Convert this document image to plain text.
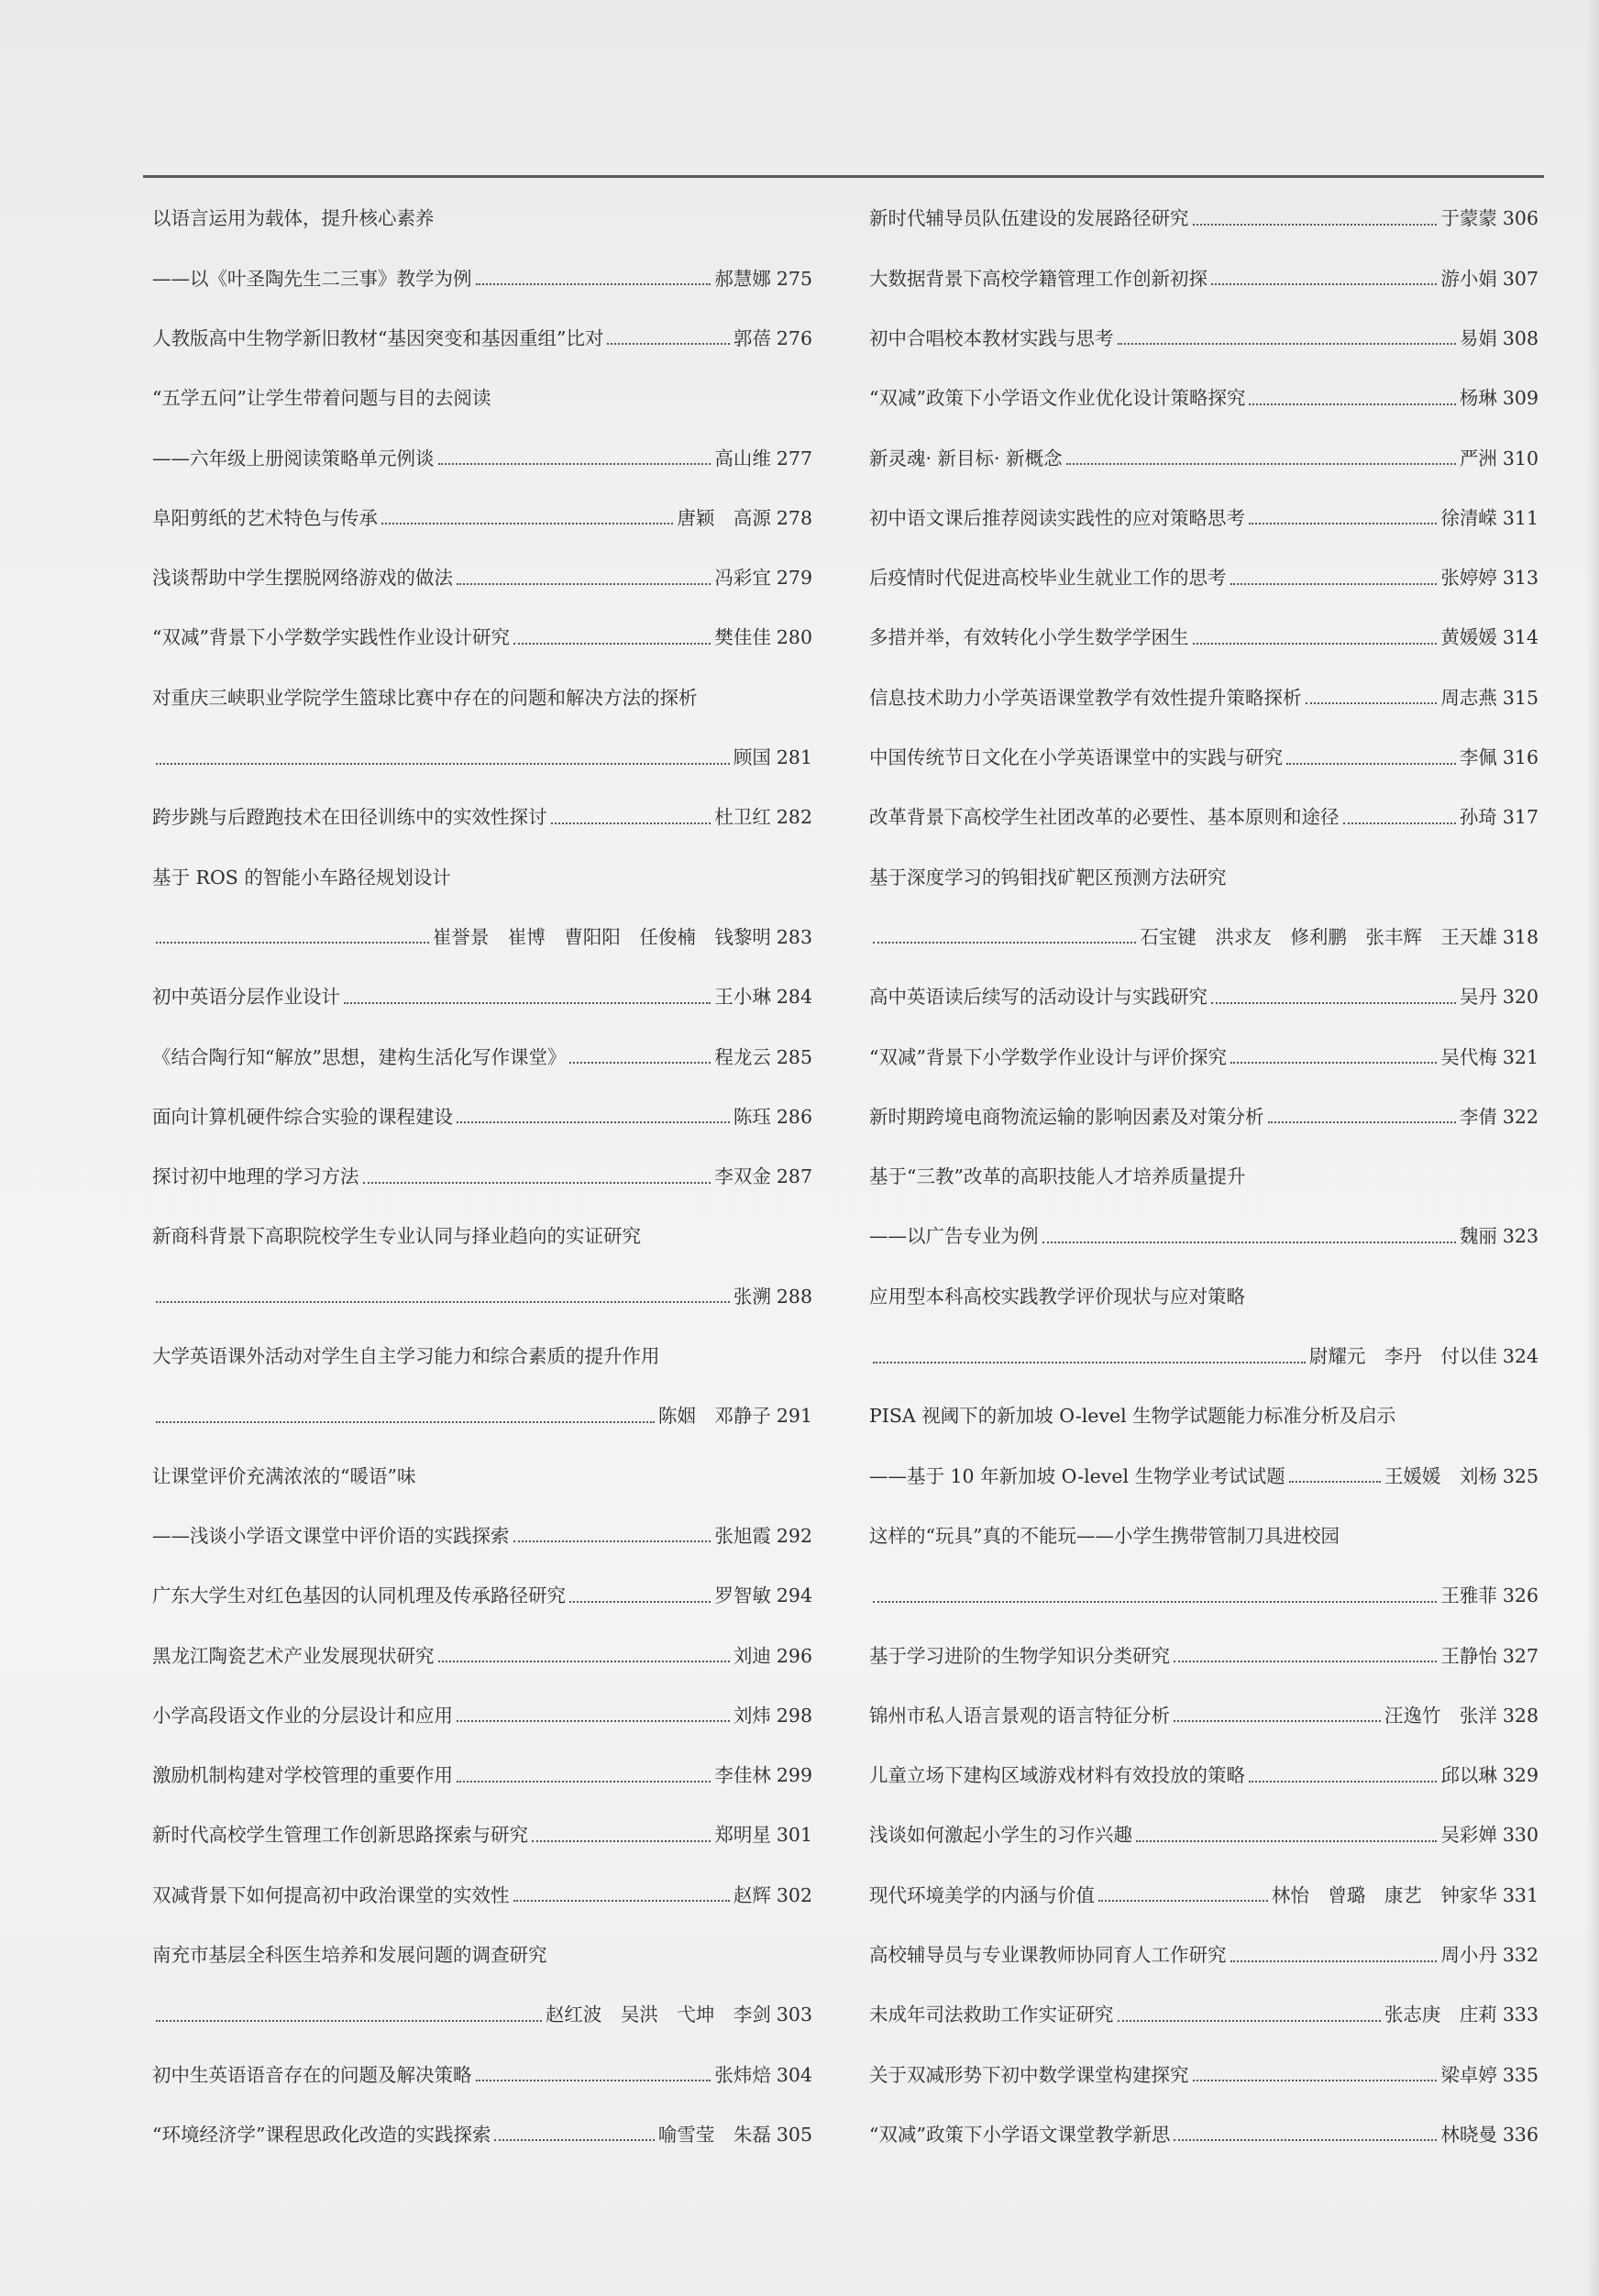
以语言运用为载体，提升核心素养
—— 以《叶圣陶先生二三事》教学为例	郝慧娜 275
人教版高中生物学新旧教材“基因突变和基因重组”比对	郭蓓 276
“五学五问”让学生带着问题与目的去阅读
—— 六年级上册阅读策略单元例谈	高山维 277
阜阳剪纸的艺术特色与传承	唐颖　高源 278
浅谈帮助中学生摆脱网络游戏的做法	冯彩宜 279
“双减”背景下小学数学实践性作业设计研究	樊佳佳 280
对重庆三峡职业学院学生篮球比赛中存在的问题和解决方法的探析
顾国 281
跨步跳与后蹬跑技术在田径训练中的实效性探讨	杜卫红 282
基于 ROS 的智能小车路径规划设计
崔誉景　崔博　曹阳阳　任俊楠　钱黎明 283
初中英语分层作业设计	王小琳 284
《结合陶行知“解放”思想，建构生活化写作课堂》	程龙云 285
面向计算机硬件综合实验的课程建设	陈珏 286
探讨初中地理的学习方法	李双金 287
新商科背景下高职院校学生专业认同与择业趋向的实证研究
张溯 288
大学英语课外活动对学生自主学习能力和综合素质的提升作用
陈姻　邓静子 291
让课堂评价充满浓浓的“暖语”味
—— 浅谈小学语文课堂中评价语的实践探索	张旭霞 292
广东大学生对红色基因的认同机理及传承路径研究	罗智敏 294
黑龙江陶瓷艺术产业发展现状研究	刘迪 296
小学高段语文作业的分层设计和应用	刘炜 298
激励机制构建对学校管理的重要作用	李佳林 299
新时代高校学生管理工作创新思路探索与研究	郑明星 301
双减背景下如何提高初中政治课堂的实效性	赵辉 302
南充市基层全科医生培养和发展问题的调查研究
赵红波　吴洪　弋坤　李剑 303
初中生英语语音存在的问题及解决策略	张炜焙 304
“环境经济学”课程思政化改造的实践探索	喻雪莹　朱磊 305
新时代辅导员队伍建设的发展路径研究	于蒙蒙 306
大数据背景下高校学籍管理工作创新初探	游小娟 307
初中合唱校本教材实践与思考	易娟 308
“双减”政策下小学语文作业优化设计策略探究	杨琳 309
新灵魂· 新目标· 新概念	严洲 310
初中语文课后推荐阅读实践性的应对策略思考	徐清嵘 311
后疫情时代促进高校毕业生就业工作的思考	张婷婷 313
多措并举，有效转化小学生数学学困生	黄媛媛 314
信息技术助力小学英语课堂教学有效性提升策略探析	周志燕 315
中国传统节日文化在小学英语课堂中的实践与研究	李佩 316
改革背景下高校学生社团改革的必要性、基本原则和途径	孙琦 317
基于深度学习的钨钼找矿靶区预测方法研究
石宝键　洪求友　修利鹏　张丰辉　王天雄 318
高中英语读后续写的活动设计与实践研究	吴丹 320
“双减”背景下小学数学作业设计与评价探究	吴代梅 321
新时期跨境电商物流运输的影响因素及对策分析	李倩 322
基于“三教”改革的高职技能人才培养质量提升
—— 以广告专业为例	魏丽 323
应用型本科高校实践教学评价现状与应对策略
尉耀元　李丹　付以佳 324
PISA 视阈下的新加坡 O-level 生物学试题能力标准分析及启示
—— 基于 10 年新加坡 O-level 生物学业考试试题	王媛媛　刘杨 325
这样的“玩具”真的不能玩——小学生携带管制刀具进校园
王雅菲 326
基于学习进阶的生物学知识分类研究	王静怡 327
锦州市私人语言景观的语言特征分析	汪逸竹　张洋 328
儿童立场下建构区域游戏材料有效投放的策略	邱以琳 329
浅谈如何激起小学生的习作兴趣	吴彩婵 330
现代环境美学的内涵与价值	林怡　曾璐　康艺　钟家华 331
高校辅导员与专业课教师协同育人工作研究	周小丹 332
未成年司法救助工作实证研究	张志庚　庄莉 333
关于双减形势下初中数学课堂构建探究	梁卓婷 335
“双减”政策下小学语文课堂教学新思	林晓曼 336
